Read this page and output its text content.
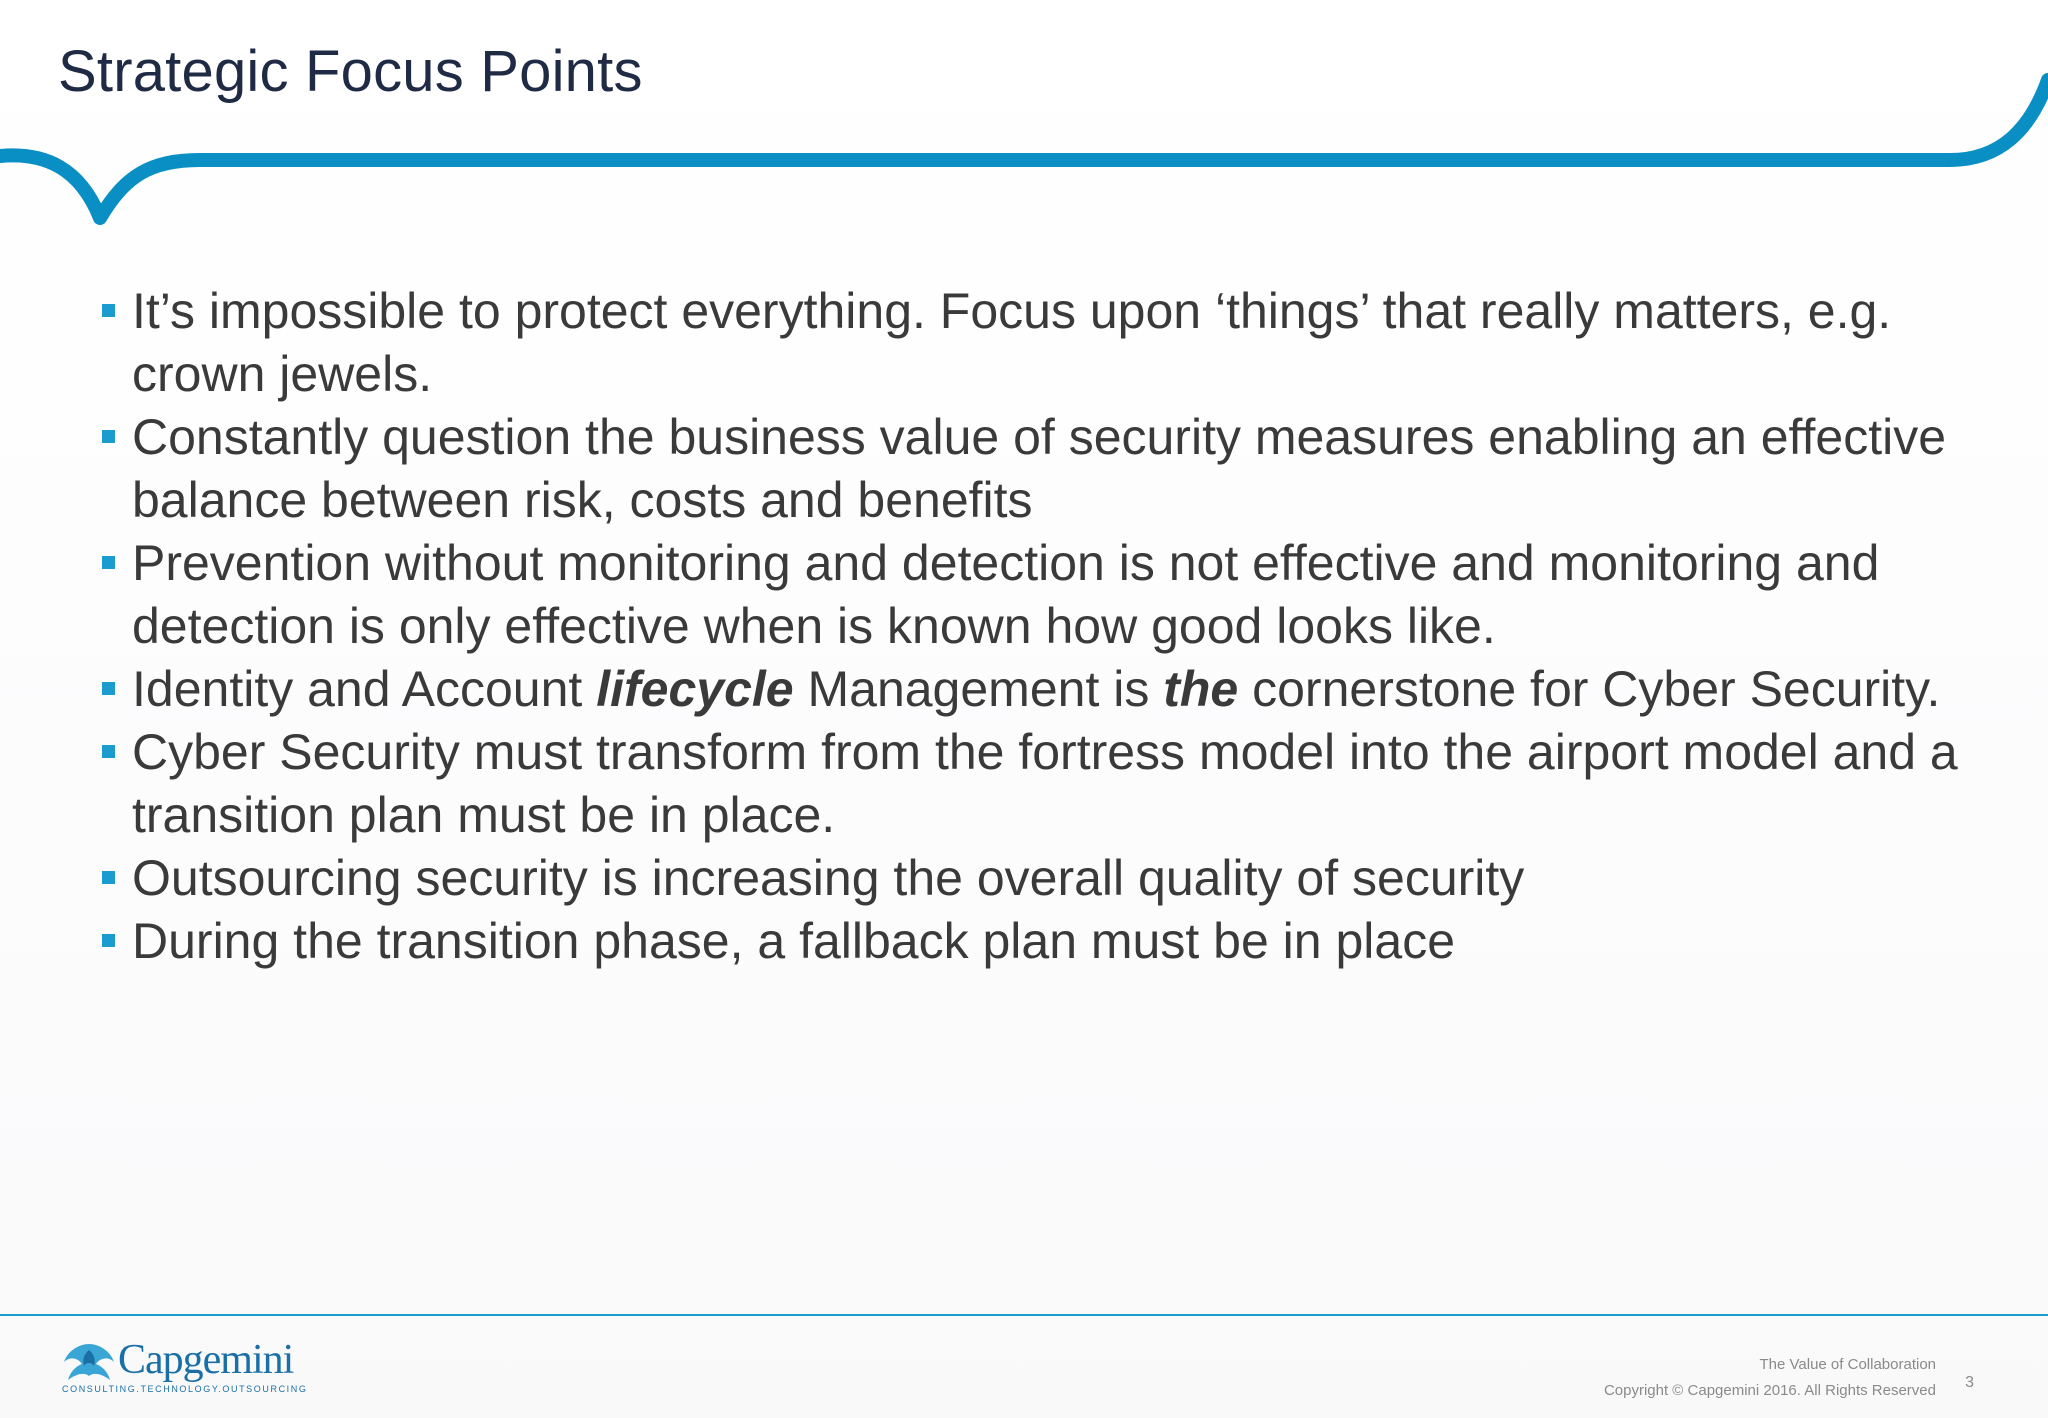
Strategic Focus Points
It’s impossible to protect everything. Focus upon ‘things’ that really matters, e.g. crown jewels.
Constantly question the business value of security measures enabling an effective balance between risk, costs and benefits
Prevention without monitoring and detection is not effective and monitoring and detection is only effective when is known how good looks like.
Identity and Account lifecycle Management is the cornerstone for Cyber Security.
Cyber Security must transform from the fortress model into the airport model and a transition plan must be in place.
Outsourcing security is increasing the overall quality of security
During the transition phase, a fallback plan must be in place
Capgemini
CONSULTING.TECHNOLOGY.OUTSOURCING
The Value of Collaboration
Copyright © Capgemini 2016. All Rights Reserved 3
